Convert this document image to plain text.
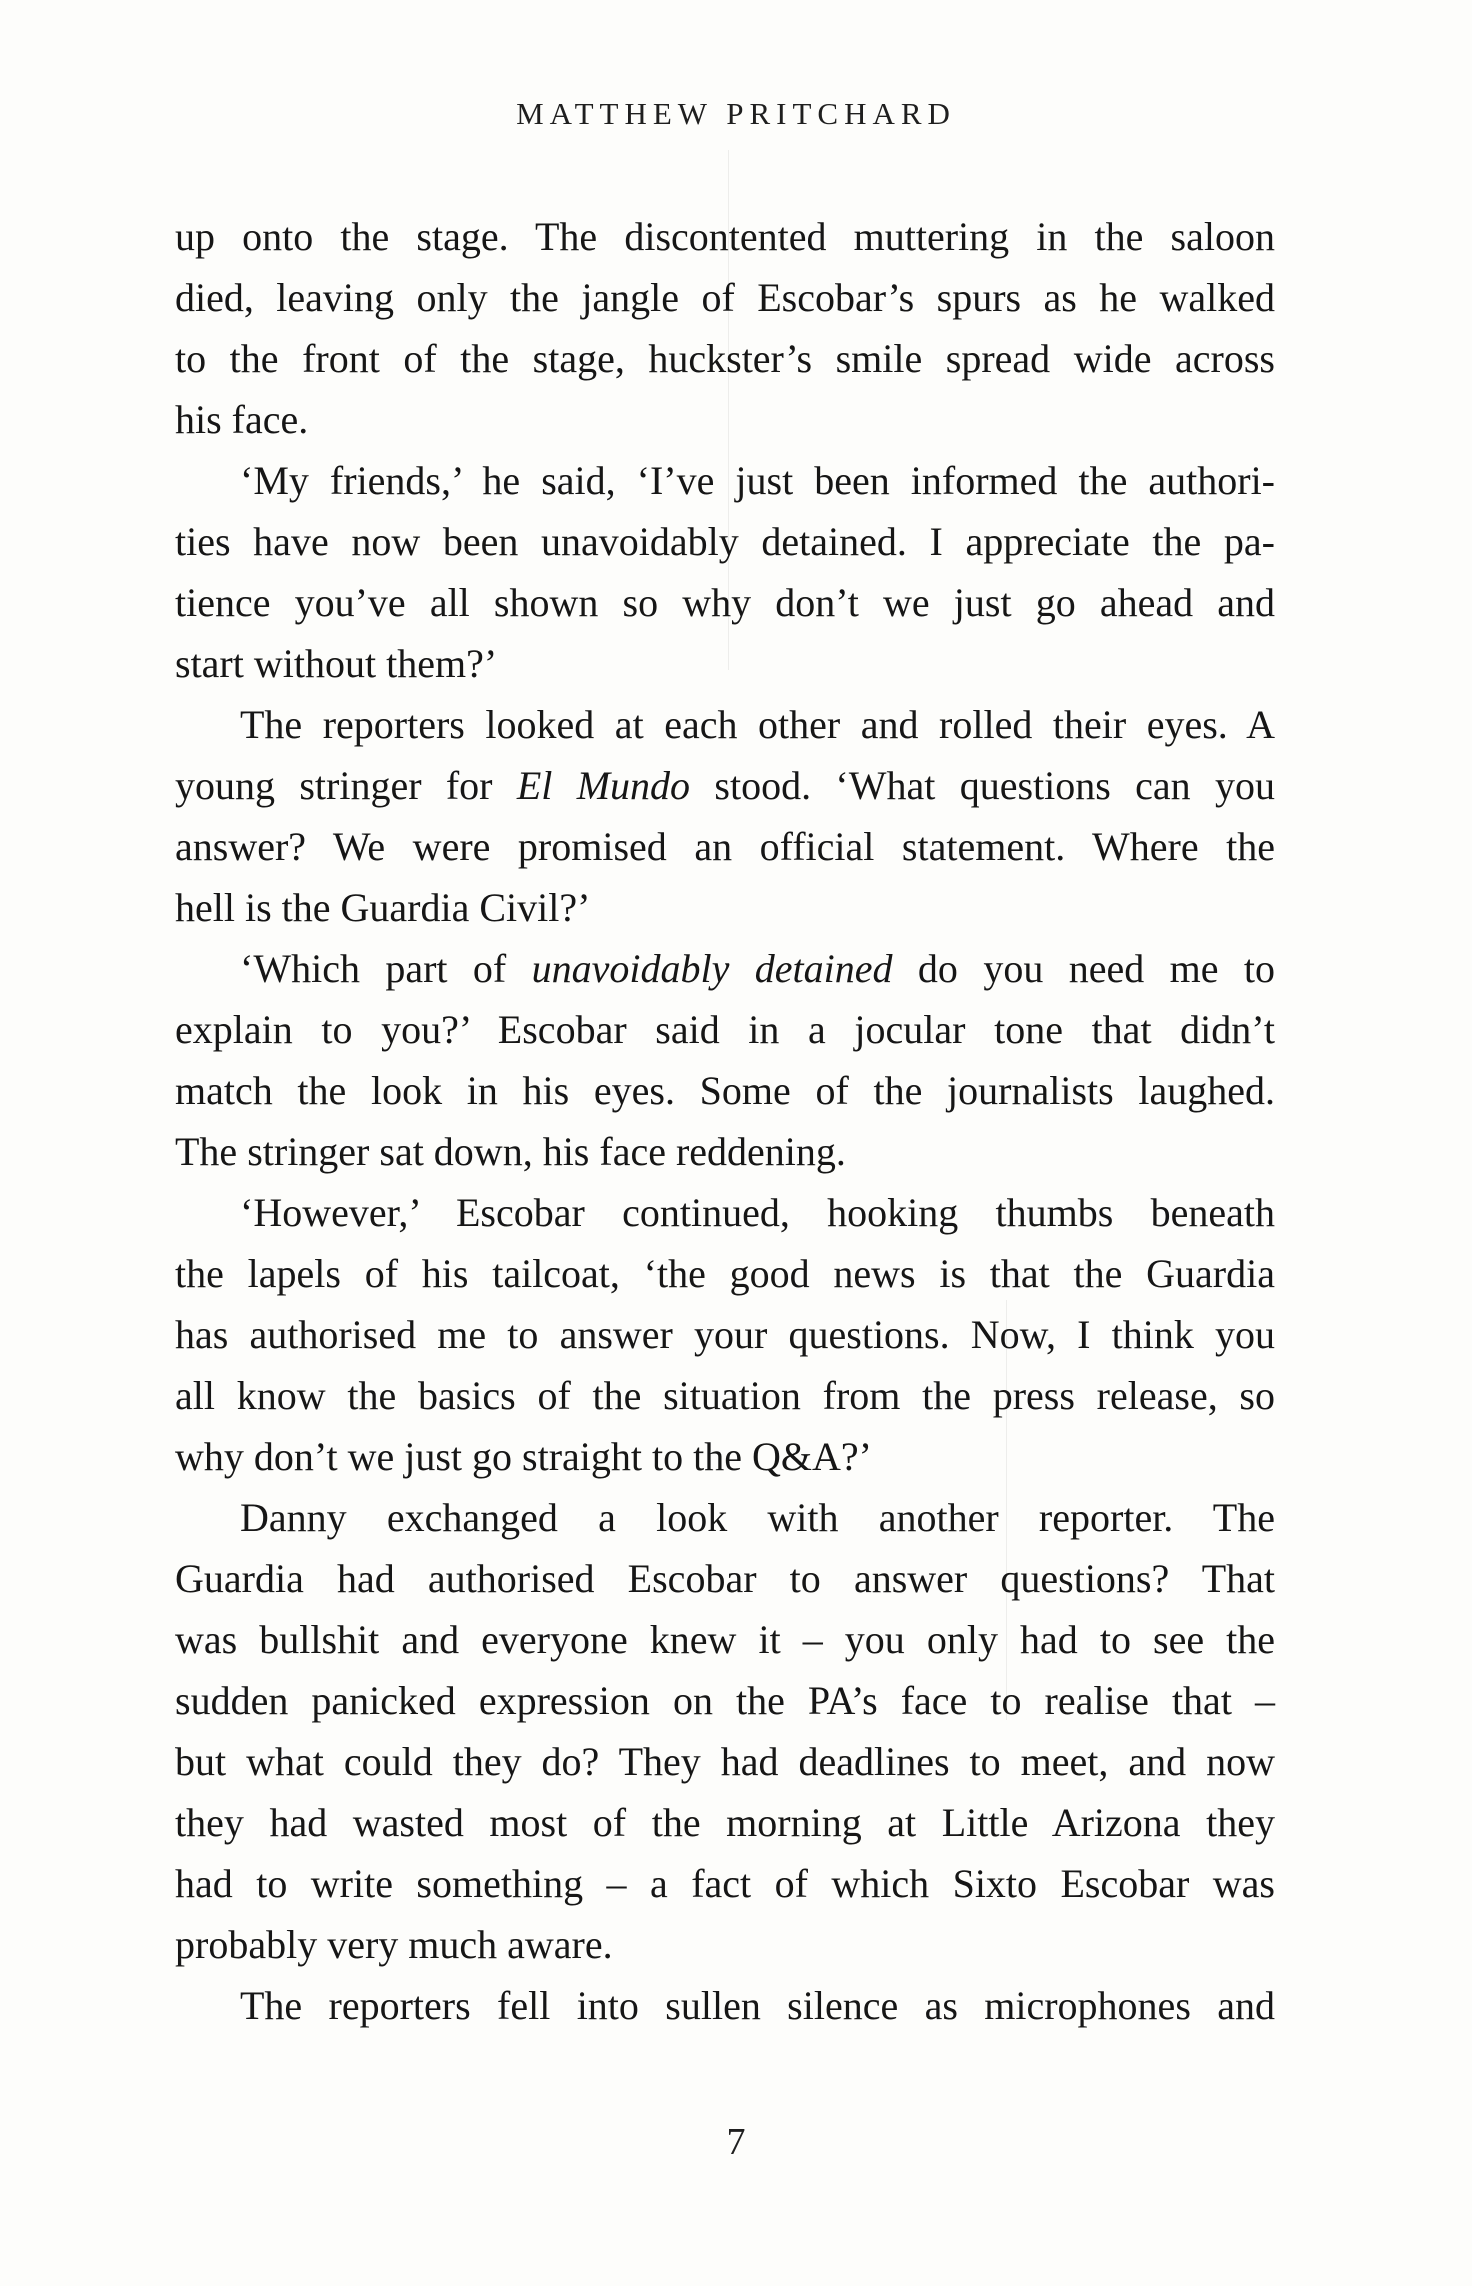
MATTHEW PRITCHARD
up onto the stage. The discontented muttering in the saloon
died, leaving only the jangle of Escobar’s spurs as he walked
to the front of the stage, huckster’s smile spread wide across
his face.
‘My friends,’ he said, ‘I’ve just been informed the authori-
ties have now been unavoidably detained. I appreciate the pa-
tience you’ve all shown so why don’t we just go ahead and
start without them?’
The reporters looked at each other and rolled their eyes. A
young stringer for El Mundo stood. ‘What questions can you
answer? We were promised an official statement. Where the
hell is the Guardia Civil?’
‘Which part of unavoidably detained do you need me to
explain to you?’ Escobar said in a jocular tone that didn’t
match the look in his eyes. Some of the journalists laughed.
The stringer sat down, his face reddening.
‘However,’ Escobar continued, hooking thumbs beneath
the lapels of his tailcoat, ‘the good news is that the Guardia
has authorised me to answer your questions. Now, I think you
all know the basics of the situation from the press release, so
why don’t we just go straight to the Q&A?’
Danny exchanged a look with another reporter. The
Guardia had authorised Escobar to answer questions? That
was bullshit and everyone knew it – you only had to see the
sudden panicked expression on the PA’s face to realise that –
but what could they do? They had deadlines to meet, and now
they had wasted most of the morning at Little Arizona they
had to write something – a fact of which Sixto Escobar was
probably very much aware.
The reporters fell into sullen silence as microphones and
7
